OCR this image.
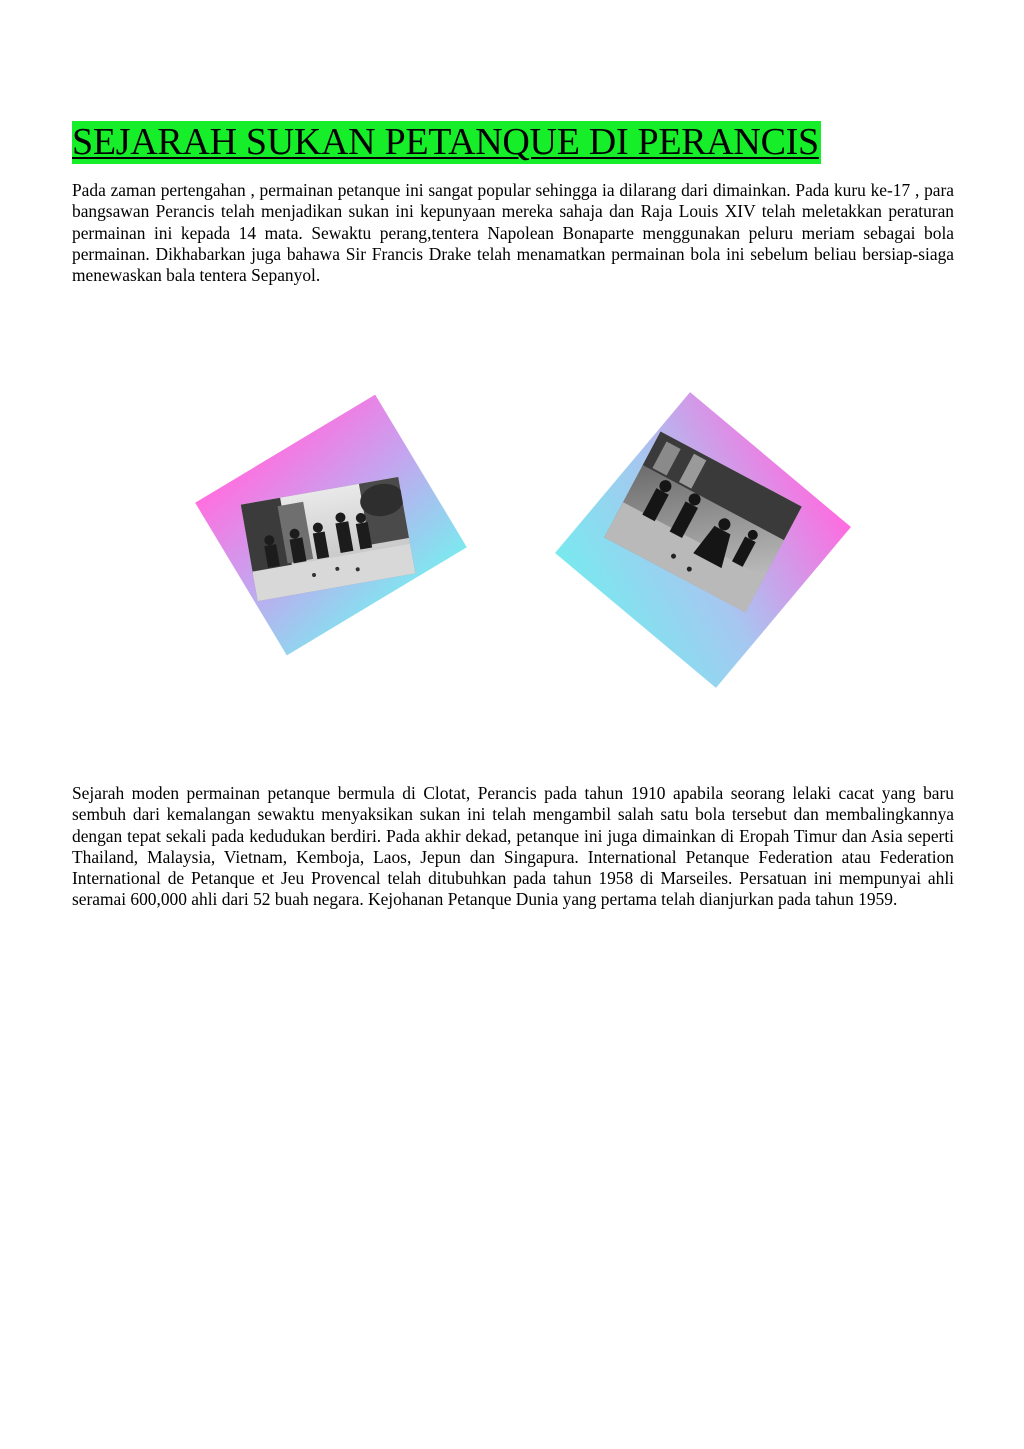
SEJARAH SUKAN PETANQUE DI PERANCIS

Pada zaman pertengahan , permainan petanque ini sangat popular sehingga ia dilarang dari dimainkan. Pada kuru ke-17 , para bangsawan Perancis telah menjadikan sukan ini kepunyaan mereka sahaja dan Raja Louis XIV telah meletakkan peraturan permainan ini kepada 14 mata. Sewaktu perang,tentera Napolean Bonaparte menggunakan peluru meriam sebagai bola permainan. Dikhabarkan juga bahawa Sir Francis Drake telah menamatkan permainan bola ini sebelum beliau bersiap-siaga menewaskan bala tentera Sepanyol.

Sejarah moden permainan petanque bermula di Clotat, Perancis pada tahun 1910 apabila seorang lelaki cacat yang baru sembuh dari kemalangan sewaktu menyaksikan sukan ini telah mengambil salah satu bola tersebut dan membalingkannya dengan tepat sekali pada kedudukan berdiri. Pada akhir dekad, petanque ini juga dimainkan di Eropah Timur dan Asia seperti Thailand, Malaysia, Vietnam, Kemboja, Laos, Jepun dan Singapura. International Petanque Federation atau Federation International de Petanque et Jeu Provencal telah ditubuhkan pada tahun 1958 di Marseiles. Persatuan ini mempunyai ahli seramai 600,000 ahli dari 52 buah negara. Kejohanan Petanque Dunia yang pertama telah dianjurkan pada tahun 1959.
